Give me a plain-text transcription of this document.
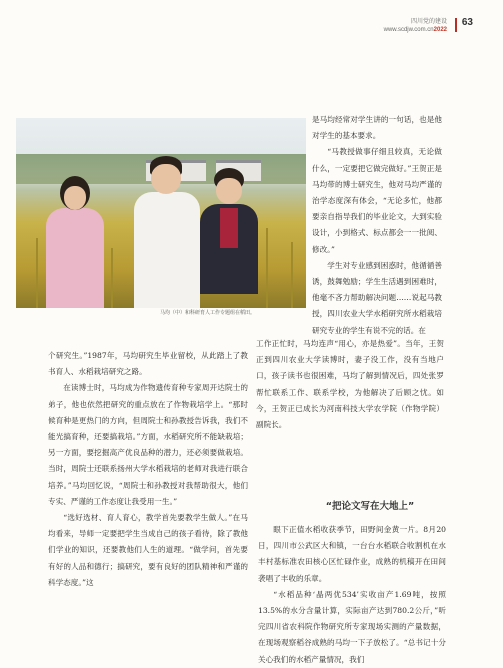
四川党的建设
www.scdjw.com.cn2022
63
马均（中）和科研育人工作专题组在稻田。

是马均经常对学生讲的一句话，也是他对学生的基本要求。

“马教授做事仔细且较真，无论做什么，一定要把它做完做好。”王贺正是马均带的博士研究生，他对马均严谨的治学态度深有体会，“无论多忙，他都要亲自指导我们的毕业论文，大到实验设计，小到格式、标点都会一一批阅、修改。”

学生对专业感到困惑时，他循循善诱，鼓舞勉励；学生生活遇到困难时，他毫不吝力帮助解决问题……说起马教授，四川农业大学水稻研究所水稻栽培研究专业的学生有说不完的话。在

工作正忙时，马均连声“用心，亦是热爱”。当年，王贺正到四川农业大学读博时，妻子没工作，没有当地户口，孩子读书也很困难，马均了解到情况后，四处张罗帮忙联系工作、联系学校，为他解决了后顾之忧。如今，王贺正已成长为河南科技大学农学院（作物学院）副院长。

个研究生。”1987年，马均研究生毕业留校，从此踏上了教书育人、水稻栽培研究之路。

在读博士时，马均成为作物遗传育种专家周开达院士的弟子，他也依然把研究的重点放在了作物栽培学上。“那时候育种是更热门的方向，但周院士和孙教授告诉我，我们不能光搞育种，还要搞栽培。”方面，水稻研究所不能缺栽培；另一方面，要挖掘高产优良品种的潜力，还必须要做栽培。当时，周院士还联系扬州大学水稻栽培的老师对我进行联合培养。”马均回忆说，“周院士和孙教授对我帮助很大，他们专实、严谨的工作态度让我受用一生。”

“选好选材、育人育心，教学首先要教学生做人。”在马均看来，导师一定要把学生当成自己的孩子看待，除了教他们学业的知识，还要教他们人生的道理。“做学问，首先要有好的人品和德行；搞研究，要有良好的团队精神和严谨的科学态度。”这

“把论文写在大地上”

眼下正值水稻收获季节，田野间金黄一片。8月20日，四川市公武区大和镇，一台台水稻联合收割机在水丰村基标准农田核心区忙碌作业，成熟的机稿开在田间袭唱了丰收的乐章。

“水稻品种‘晶两优534’实收亩产1.69吨，按照13.5%的水分含量计算，实际亩产达到780.2公斤，”听完四川省农科院作物研究所专家现场实测的产量数据，在现场观察稻谷成熟的马均一下子放松了。“总书记十分关心我们的水稻产量情况，我们
